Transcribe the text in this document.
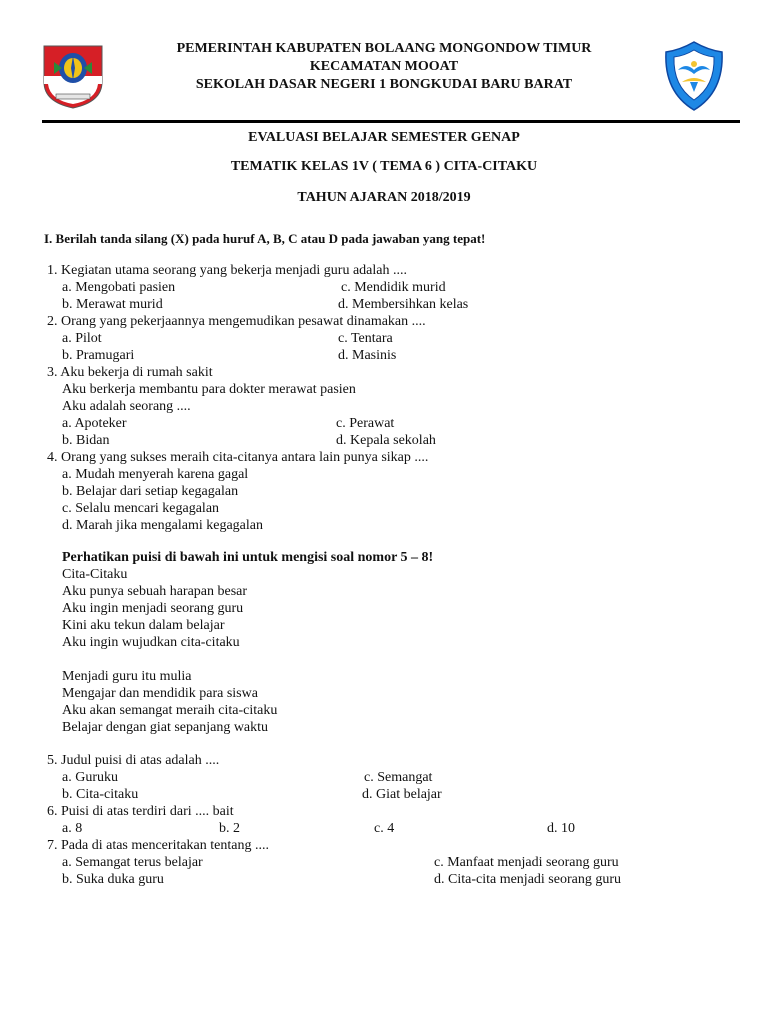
PEMERINTAH KABUPATEN BOLAANG MONGONDOW TIMUR
KECAMATAN MOOAT
SEKOLAH DASAR NEGERI 1 BONGKUDAI BARU BARAT
EVALUASI BELAJAR SEMESTER GENAP
TEMATIK KELAS 1V ( TEMA 6 ) CITA-CITAKU
TAHUN AJARAN 2018/2019
I. Berilah tanda silang (X) pada huruf A, B, C atau D pada jawaban yang tepat!
1. Kegiatan utama seorang yang bekerja menjadi guru adalah ....
a. Mengobati pasien	c. Mendidik murid
b. Merawat murid	d. Membersihkan kelas
2. Orang yang pekerjaannya mengemudikan pesawat dinamakan ....
a. Pilot	c. Tentara
b. Pramugari	d. Masinis
3. Aku bekerja di rumah sakit
Aku berkerja membantu para dokter merawat pasien
Aku adalah seorang ....
a. Apoteker	c. Perawat
b. Bidan	d. Kepala sekolah
4. Orang yang sukses meraih cita-citanya antara lain punya sikap ....
a. Mudah menyerah karena gagal
b. Belajar dari setiap kegagalan
c. Selalu mencari kegagalan
d. Marah jika mengalami kegagalan
Perhatikan puisi di bawah ini untuk mengisi soal nomor 5 – 8!
Cita-Citaku
Aku punya sebuah harapan besar
Aku ingin menjadi seorang guru
Kini aku tekun dalam belajar
Aku ingin wujudkan cita-citaku
Menjadi guru itu mulia
Mengajar dan mendidik para siswa
Aku akan semangat meraih cita-citaku
Belajar dengan giat sepanjang waktu
5. Judul puisi di atas adalah ....
a. Guruku	c. Semangat
b. Cita-citaku	d. Giat belajar
6. Puisi di atas terdiri dari .... bait
a. 8	b. 2	c. 4	d. 10
7. Pada di atas menceritakan tentang ....
a. Semangat terus belajar	c. Manfaat menjadi seorang guru
b. Suka duka guru	d. Cita-cita menjadi seorang guru
